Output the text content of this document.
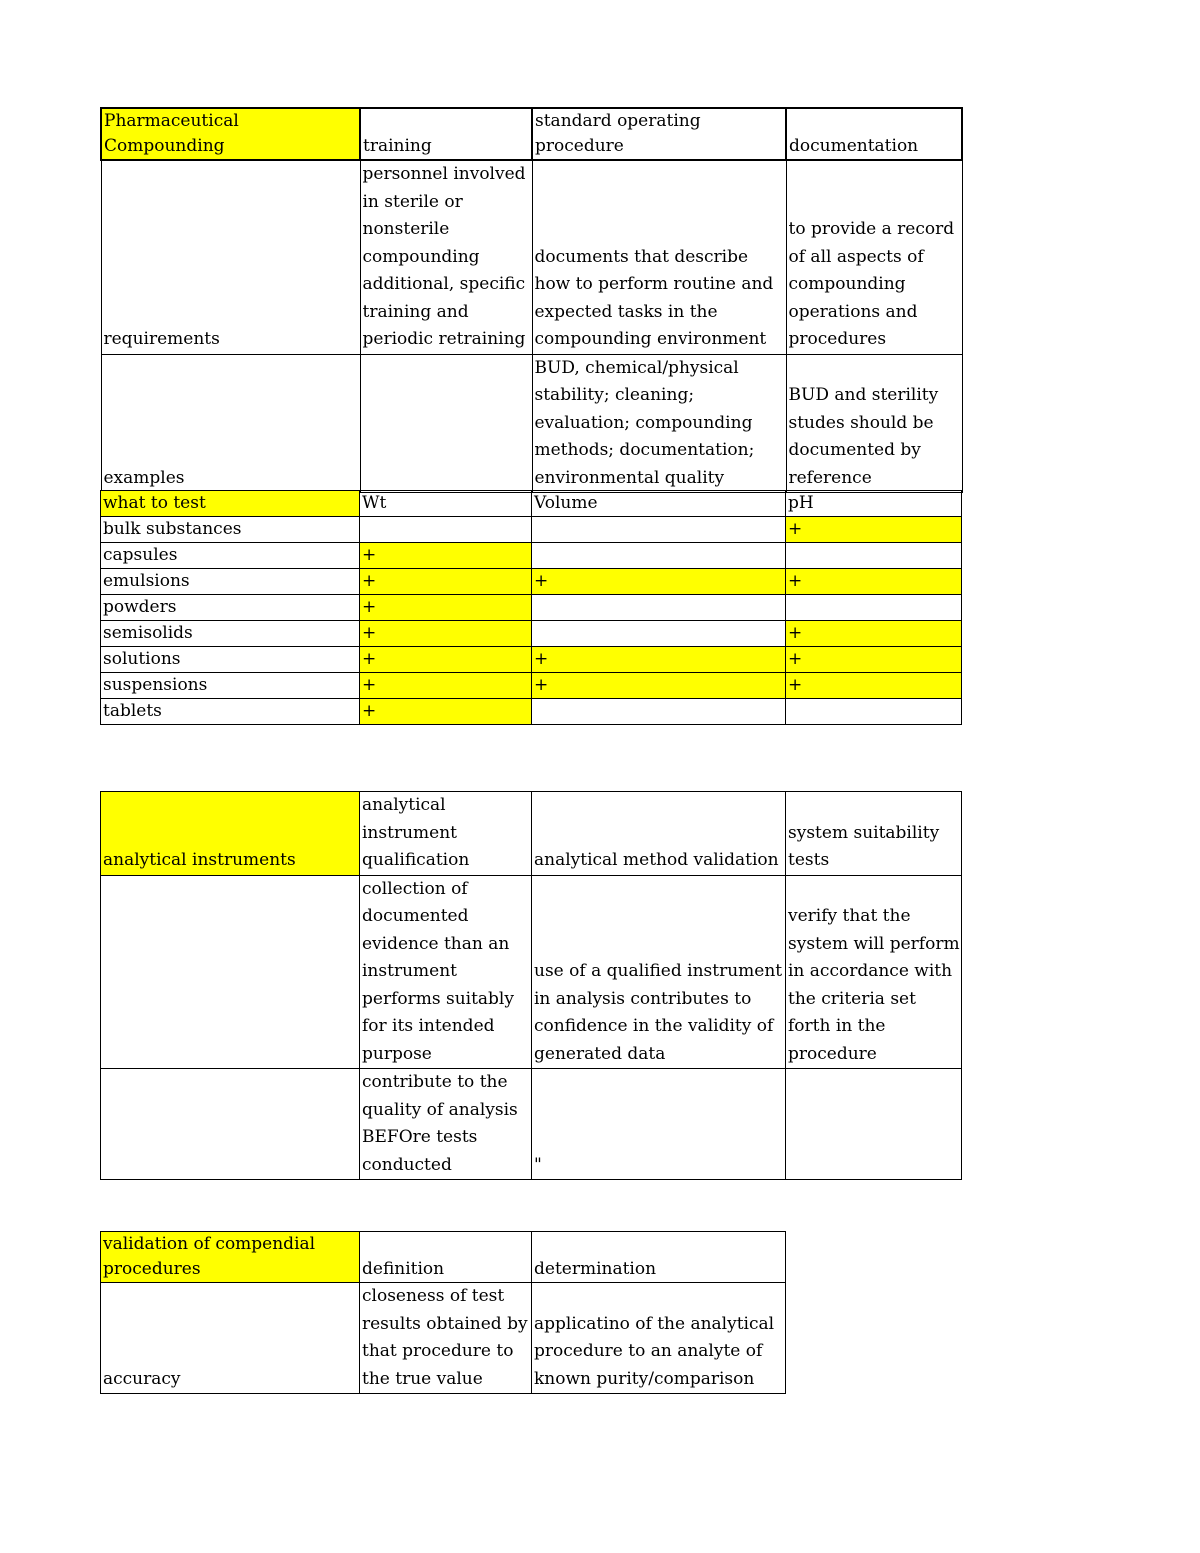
Pharmaceutical Compounding	training	standard operating procedure	documentation

requirements	personnel involved in sterile or nonsterile compounding additional, specific training and periodic retraining	documents that describe how to perform routine and expected tasks in the compounding environment	to provide a record of all aspects of compounding operations and procedures

examples		BUD, chemical/physical stability; cleaning; evaluation; compounding methods; documentation; environmental quality	BUD and sterility studes should be documented by reference
what to test	Wt	Volume	pH

bulk substances			+

capsules	+		

emulsions	+	+	+

powders	+		

semisolids	+		+

solutions	+	+	+

suspensions	+	+	+

tablets	+		

analytical instruments	analytical instrument qualification	analytical method validation	system suitability tests

	collection of documented evidence than an instrument performs suitably for its intended purpose	use of a qualified instrument in analysis contributes to confidence in the validity of generated data	verify that the system will perform in accordance with the criteria set forth in the procedure

	contribute to the quality of analysis BEFOre tests conducted	"	

validation of compendial procedures	definition	determination

accuracy	closeness of test results obtained by that procedure to the true value	applicatino of the analytical procedure to an analyte of known purity/comparison
